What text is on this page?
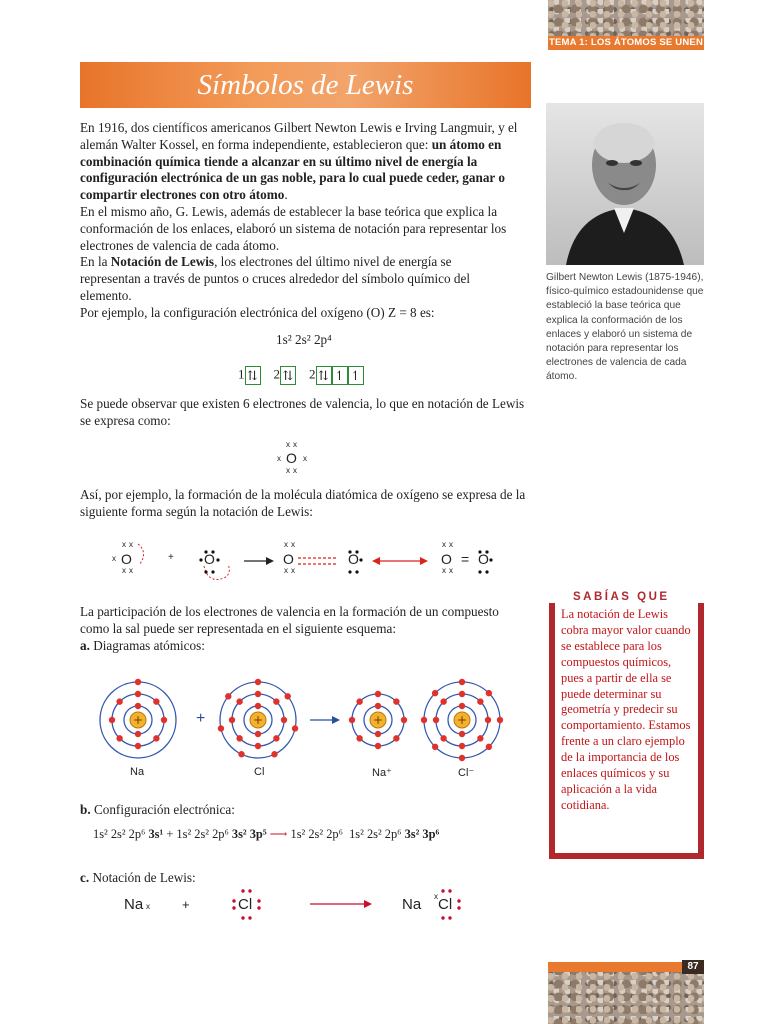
TEMA 1: LOS ÁTOMOS SE UNEN
Símbolos de Lewis

En 1916, dos científicos americanos Gilbert Newton Lewis e Irving Langmuir, y el alemán Walter Kossel, en forma independiente, establecieron que: un átomo en combinación química tiende a alcanzar en su último nivel de energía la configuración electrónica de un gas noble, para lo cual puede ceder, ganar o compartir electrones con otro átomo.

En el mismo año, G. Lewis, además de establecer la base teórica que explica la conformación de los enlaces, elaboró un sistema de notación para representar los electrones de valencia de cada átomo.

En la Notación de Lewis, los electrones del último nivel de energía se representan a través de puntos o cruces alrededor del símbolo químico del elemento.

Por ejemplo, la configuración electrónica del oxígeno (O) Z = 8 es:

Gilbert Newton Lewis (1875-1946), físico-químico estadounidense que estableció la base teórica que explica la conformación de los enlaces y elaboró un sistema de notación para representar los electrones de valencia de cada átomo.
1s² 2s² 2p⁴
1 ⇅ 2 ⇅ 2 ⇅ ↿ ↿
Se puede observar que existen 6 electrones de valencia, lo que en notación de Lewis se expresa como:
x x
x O x
x x
Así, por ejemplo, la formación de la molécula diatómica de oxígeno se expresa de la siguiente forma según la notación de Lewis:
x x
x O
x x
+ O
x x
O
x x
O
x x
O
x x
= O

La participación de los electrones de valencia en la formación de un compuesto como la sal puede ser representada en el siguiente esquema:

a. Diagramas atómicos:

+	+	+	+
Na	Cl	Na⁺	Cl⁻
+
b. Configuración electrónica:
1s² 2s² 2p⁶ 3s¹ + 1s² 2s² 2p⁶ 3s² 3p⁵ ⟶ 1s² 2s² 2p⁶ 1s² 2s² 2p⁶ 3s² 3p⁶
c. Notación de Lewis:
Na x +	Cl	Na x Cl
SABÍAS QUE
La notación de Lewis cobra mayor valor cuando se establece para los compuestos químicos, pues a partir de ella se puede determinar su geometría y predecir su comportamiento. Estamos frente a un claro ejemplo de la importancia de los enlaces químicos y su aplicación a la vida cotidiana.
87
